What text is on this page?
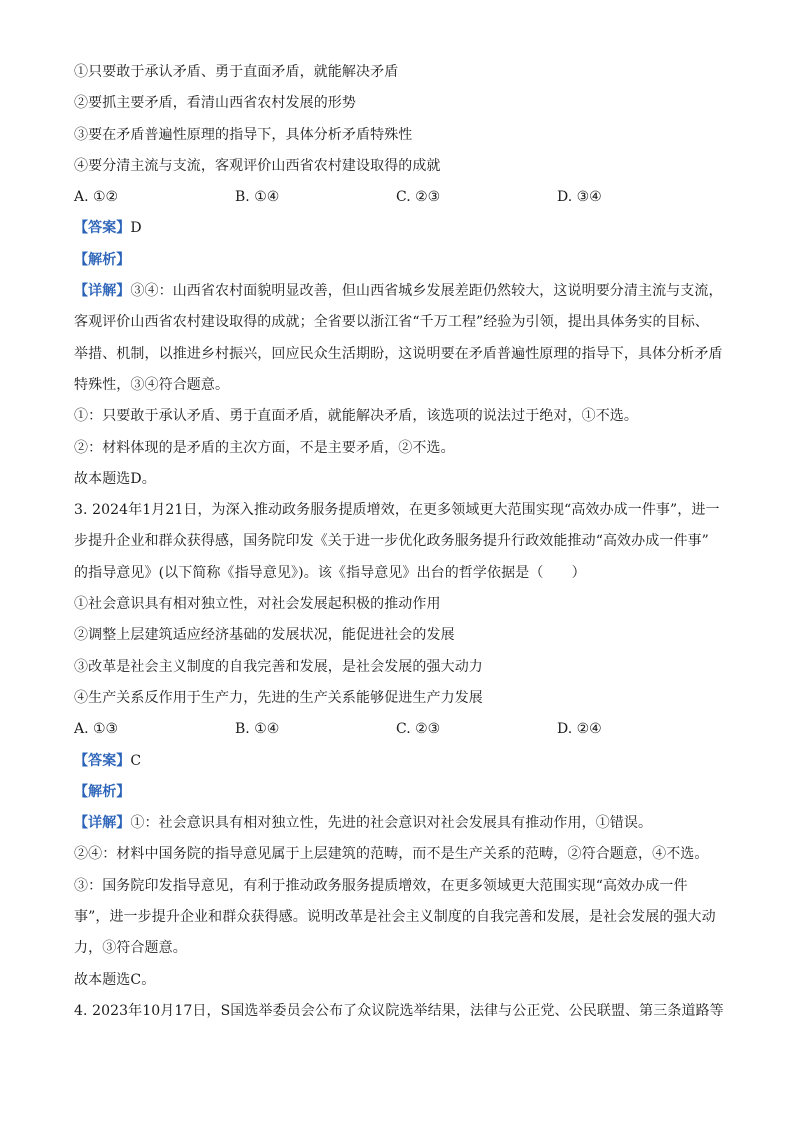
①只要敢于承认矛盾、勇于直面矛盾，就能解决矛盾
②要抓主要矛盾，看清山西省农村发展的形势
③要在矛盾普遍性原理的指导下，具体分析矛盾特殊性
④要分清主流与支流，客观评价山西省农村建设取得的成就
A. ①②	B. ①④	C. ②③	D. ③④
【答案】D
【解析】
【详解】③④：山西省农村面貌明显改善，但山西省城乡发展差距仍然较大，这说明要分清主流与支流，
客观评价山西省农村建设取得的成就；全省要以浙江省“千万工程”经验为引领，提出具体务实的目标、
举措、机制，以推进乡村振兴，回应民众生活期盼，这说明要在矛盾普遍性原理的指导下，具体分析矛盾
特殊性，③④符合题意。
①：只要敢于承认矛盾、勇于直面矛盾，就能解决矛盾，该选项的说法过于绝对，①不选。
②：材料体现的是矛盾的主次方面，不是主要矛盾，②不选。
故本题选D。
3. 2024年1月21日，为深入推动政务服务提质增效，在更多领域更大范围实现“高效办成一件事”，进一
步提升企业和群众获得感，国务院印发《关于进一步优化政务服务提升行政效能推动“高效办成一件事”
的指导意见》(以下简称《指导意见》)。该《指导意见》出台的哲学依据是（　　）
①社会意识具有相对独立性，对社会发展起积极的推动作用
②调整上层建筑适应经济基础的发展状况，能促进社会的发展
③改革是社会主义制度的自我完善和发展，是社会发展的强大动力
④生产关系反作用于生产力，先进的生产关系能够促进生产力发展
A. ①③	B. ①④	C. ②③	D. ②④
【答案】C
【解析】
【详解】①：社会意识具有相对独立性，先进的社会意识对社会发展具有推动作用，①错误。
②④：材料中国务院的指导意见属于上层建筑的范畴，而不是生产关系的范畴，②符合题意，④不选。
③：国务院印发指导意见，有利于推动政务服务提质增效，在更多领域更大范围实现“高效办成一件
事”，进一步提升企业和群众获得感。说明改革是社会主义制度的自我完善和发展，是社会发展的强大动
力，③符合题意。
故本题选C。
4. 2023年10月17日，S国选举委员会公布了众议院选举结果，法律与公正党、公民联盟、第三条道路等
